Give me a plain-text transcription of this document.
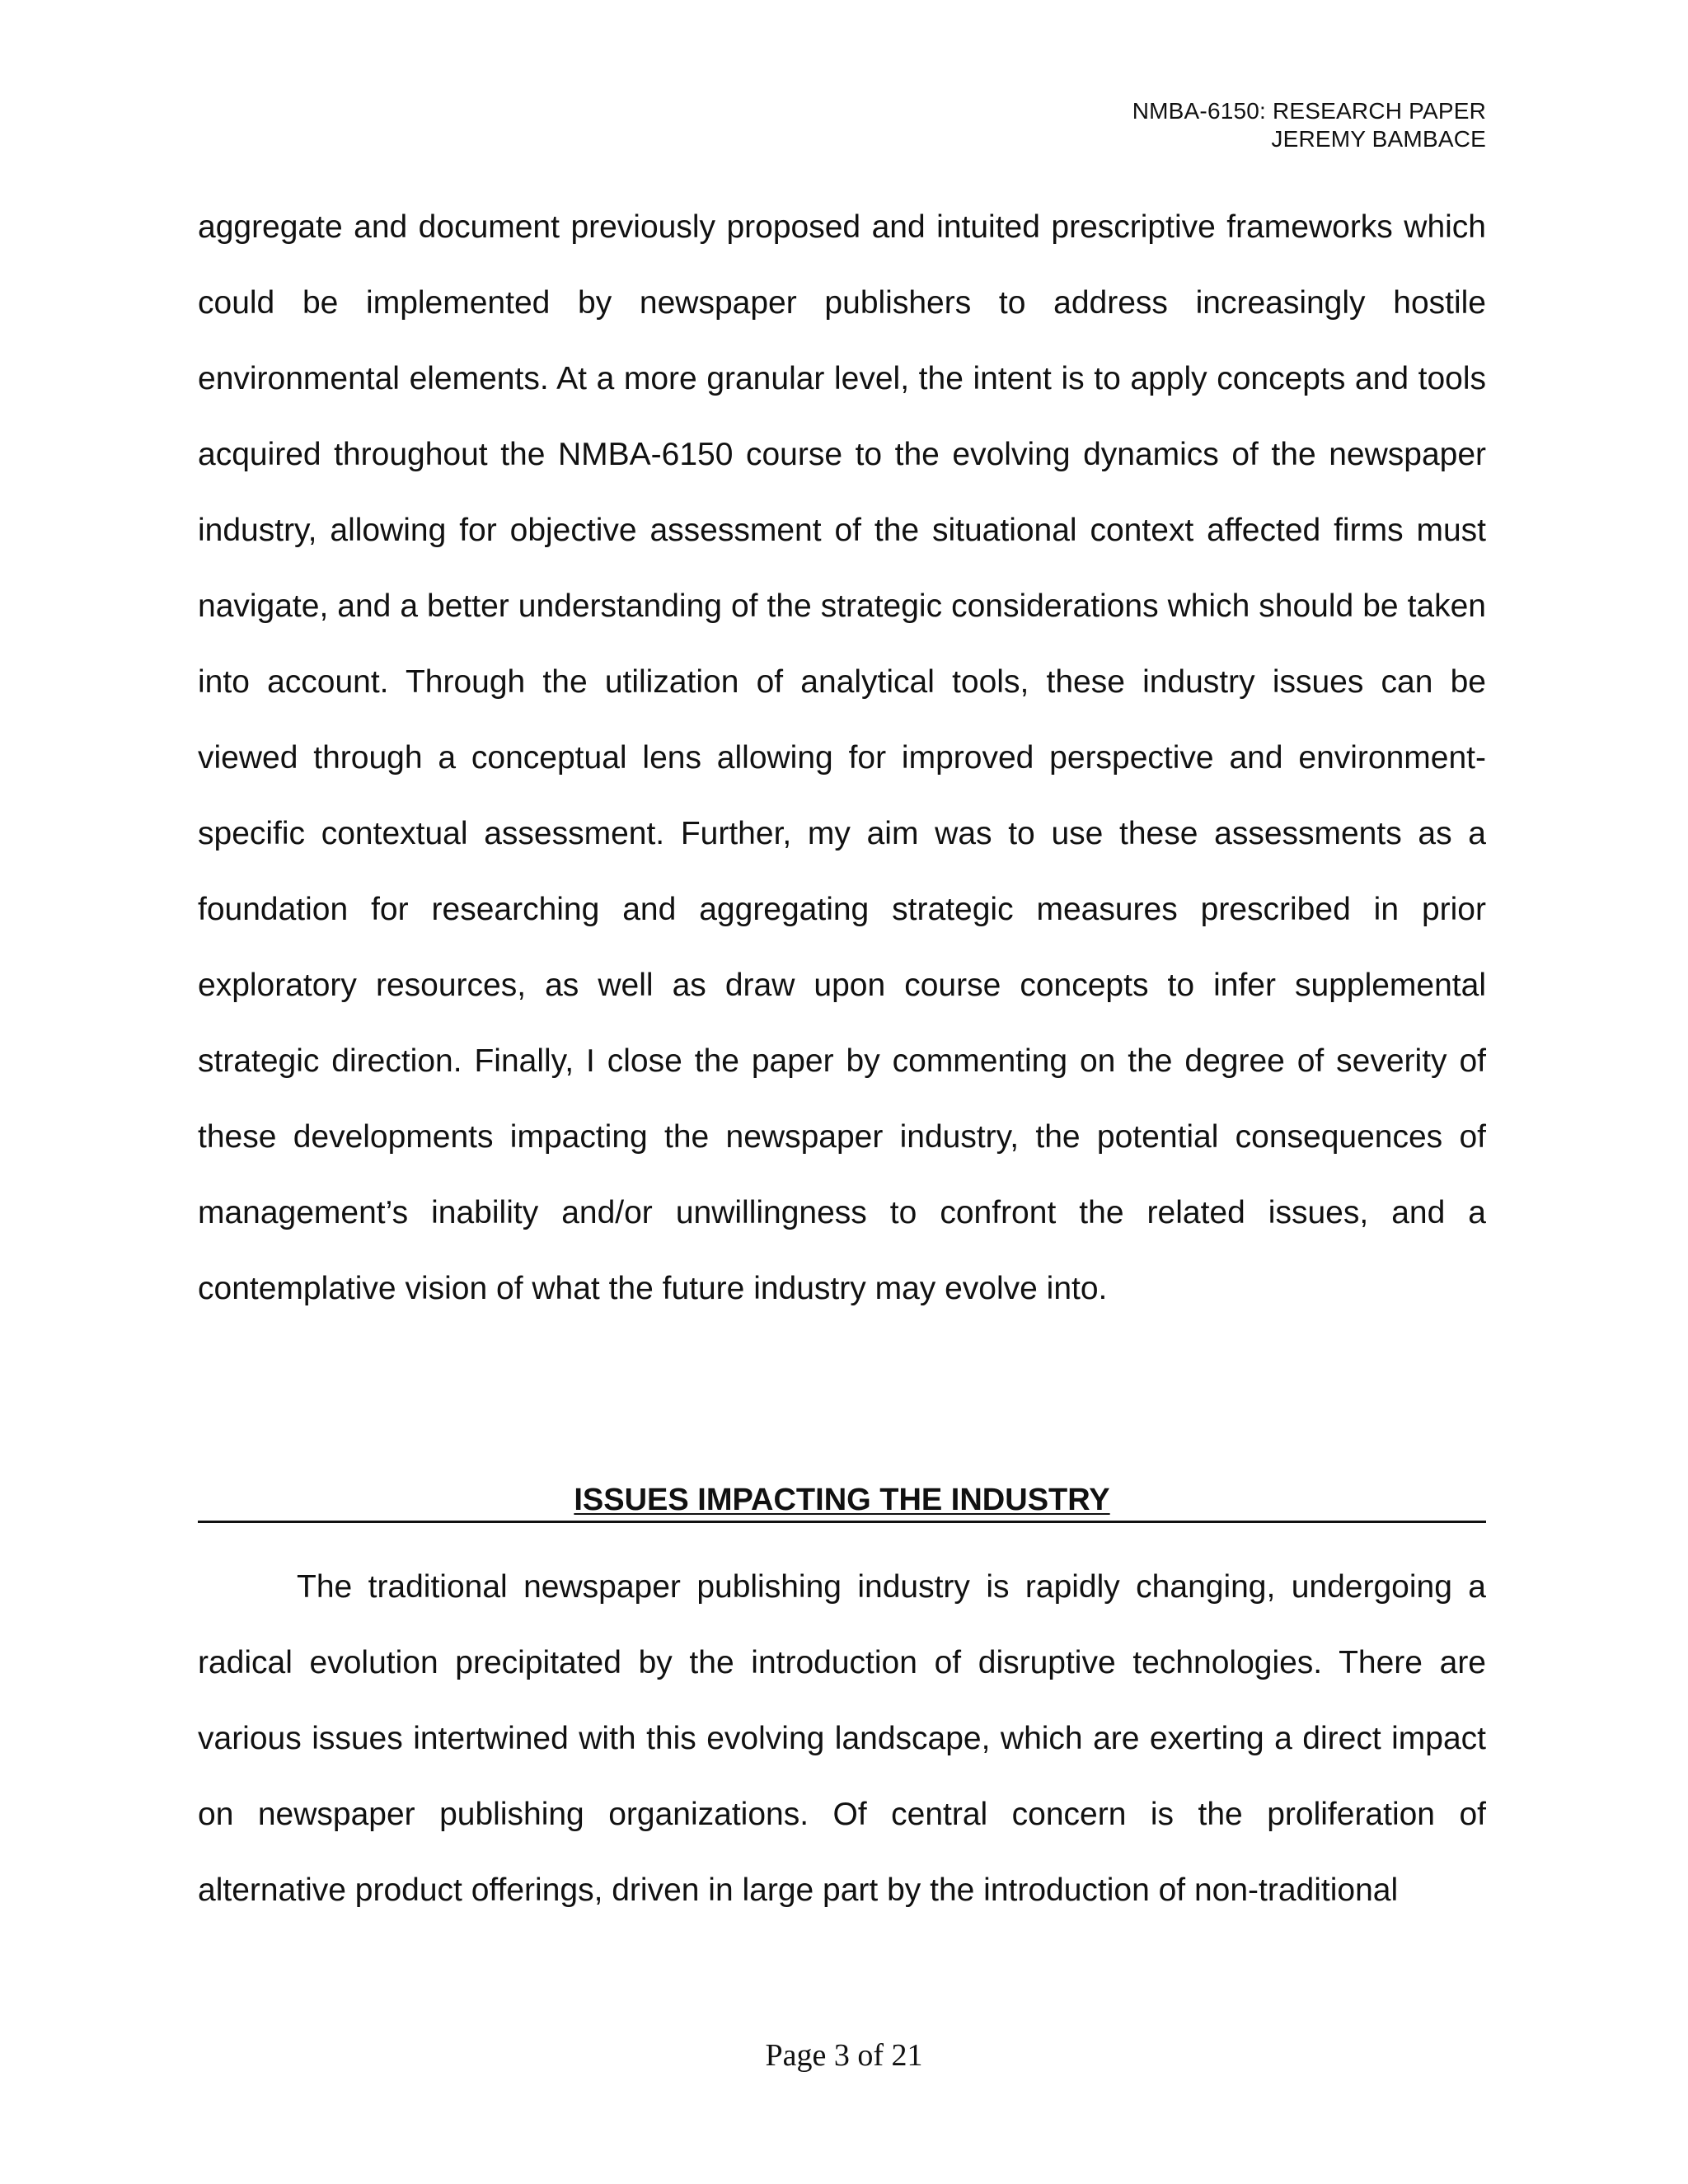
NMBA-6150: RESEARCH PAPER
JEREMY BAMBACE

aggregate and document previously proposed and intuited prescriptive frameworks which could be implemented by newspaper publishers to address increasingly hostile environmental elements. At a more granular level, the intent is to apply concepts and tools acquired throughout the NMBA-6150 course to the evolving dynamics of the newspaper industry, allowing for objective assessment of the situational context affected firms must navigate, and a better understanding of the strategic considerations which should be taken into account. Through the utilization of analytical tools, these industry issues can be viewed through a conceptual lens allowing for improved perspective and environment-specific contextual assessment. Further, my aim was to use these assessments as a foundation for researching and aggregating strategic measures prescribed in prior exploratory resources, as well as draw upon course concepts to infer supplemental strategic direction. Finally, I close the paper by commenting on the degree of severity of these developments impacting the newspaper industry, the potential consequences of management’s inability and/or unwillingness to confront the related issues, and a contemplative vision of what the future industry may evolve into.

ISSUES IMPACTING THE INDUSTRY

The traditional newspaper publishing industry is rapidly changing, undergoing a radical evolution precipitated by the introduction of disruptive technologies. There are various issues intertwined with this evolving landscape, which are exerting a direct impact on newspaper publishing organizations. Of central concern is the proliferation of alternative product offerings, driven in large part by the introduction of non-traditional

Page 3 of 21
